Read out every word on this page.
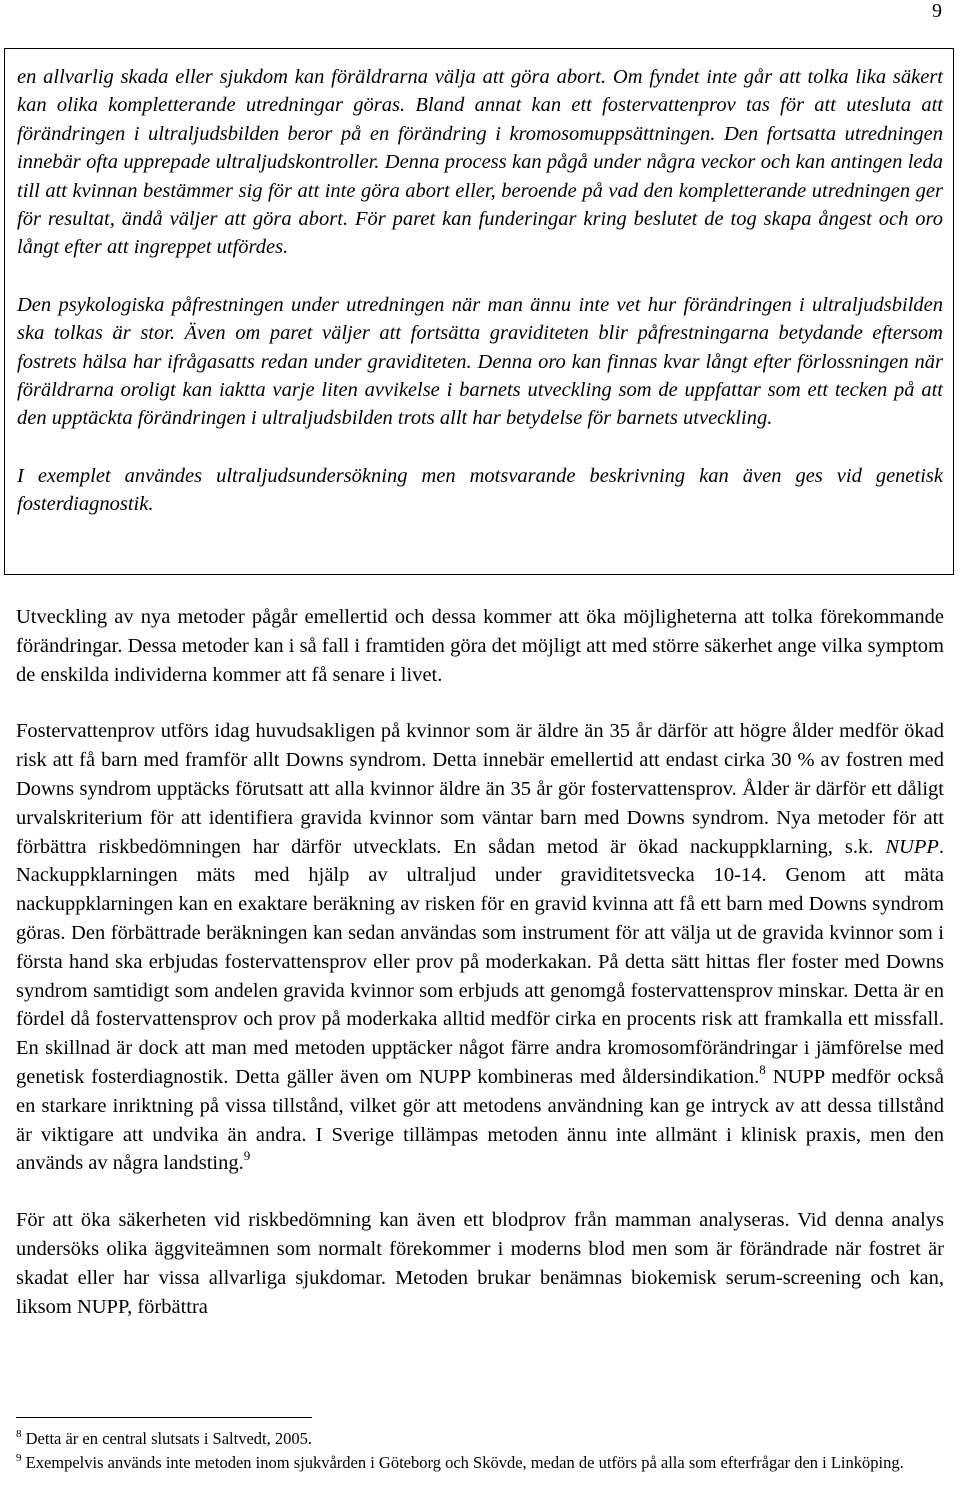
9

en allvarlig skada eller sjukdom kan föräldrarna välja att göra abort. Om fyndet inte går att tolka lika säkert kan olika kompletterande utredningar göras. Bland annat kan ett fostervattenprov tas för att utesluta att förändringen i ultraljudsbilden beror på en förändring i kromosomuppsättningen. Den fortsatta utredningen innebär ofta upprepade ultraljudskontroller. Denna process kan pågå under några veckor och kan antingen leda till att kvinnan bestämmer sig för att inte göra abort eller, beroende på vad den kompletterande utredningen ger för resultat, ändå väljer att göra abort. För paret kan funderingar kring beslutet de tog skapa ångest och oro långt efter att ingreppet utfördes.

Den psykologiska påfrestningen under utredningen när man ännu inte vet hur förändringen i ultraljudsbilden ska tolkas är stor. Även om paret väljer att fortsätta graviditeten blir påfrestningarna betydande eftersom fostrets hälsa har ifrågasatts redan under graviditeten. Denna oro kan finnas kvar långt efter förlossningen när föräldrarna oroligt kan iaktta varje liten avvikelse i barnets utveckling som de uppfattar som ett tecken på att den upptäckta förändringen i ultraljudsbilden trots allt har betydelse för barnets utveckling.

I exemplet användes ultraljudsundersökning men motsvarande beskrivning kan även ges vid genetisk fosterdiagnostik.

Utveckling av nya metoder pågår emellertid och dessa kommer att öka möjligheterna att tolka förekommande förändringar. Dessa metoder kan i så fall i framtiden göra det möjligt att med större säkerhet ange vilka symptom de enskilda individerna kommer att få senare i livet.

Fostervattenprov utförs idag huvudsakligen på kvinnor som är äldre än 35 år därför att högre ålder medför ökad risk att få barn med framför allt Downs syndrom. Detta innebär emellertid att endast cirka 30 % av fostren med Downs syndrom upptäcks förutsatt att alla kvinnor äldre än 35 år gör fostervattensprov. Ålder är därför ett dåligt urvalskriterium för att identifiera gravida kvinnor som väntar barn med Downs syndrom. Nya metoder för att förbättra riskbedömningen har därför utvecklats. En sådan metod är ökad nackuppklarning, s.k. NUPP. Nackuppklarningen mäts med hjälp av ultraljud under graviditetsvecka 10-14. Genom att mäta nackuppklarningen kan en exaktare beräkning av risken för en gravid kvinna att få ett barn med Downs syndrom göras. Den förbättrade beräkningen kan sedan användas som instrument för att välja ut de gravida kvinnor som i första hand ska erbjudas fostervattensprov eller prov på moderkakan. På detta sätt hittas fler foster med Downs syndrom samtidigt som andelen gravida kvinnor som erbjuds att genomgå fostervattensprov minskar. Detta är en fördel då fostervattensprov och prov på moderkaka alltid medför cirka en procents risk att framkalla ett missfall. En skillnad är dock att man med metoden upptäcker något färre andra kromosomförändringar i jämförelse med genetisk fosterdiagnostik. Detta gäller även om NUPP kombineras med åldersindikation.$^8$ NUPP medför också en starkare inriktning på vissa tillstånd, vilket gör att metodens användning kan ge intryck av att dessa tillstånd är viktigare att undvika än andra. I Sverige tillämpas metoden ännu inte allmänt i klinisk praxis, men den används av några landsting.$^9$

För att öka säkerheten vid riskbedömning kan även ett blodprov från mamman analyseras. Vid denna analys undersöks olika äggviteämnen som normalt förekommer i moderns blod men som är förändrade när fostret är skadat eller har vissa allvarliga sjukdomar. Metoden brukar benämnas biokemisk serum-screening och kan, liksom NUPP, förbättra

$^8$ Detta är en central slutsats i Saltvedt, 2005.

$^9$ Exempelvis används inte metoden inom sjukvården i Göteborg och Skövde, medan de utförs på alla som efterfrågar den i Linköping.
